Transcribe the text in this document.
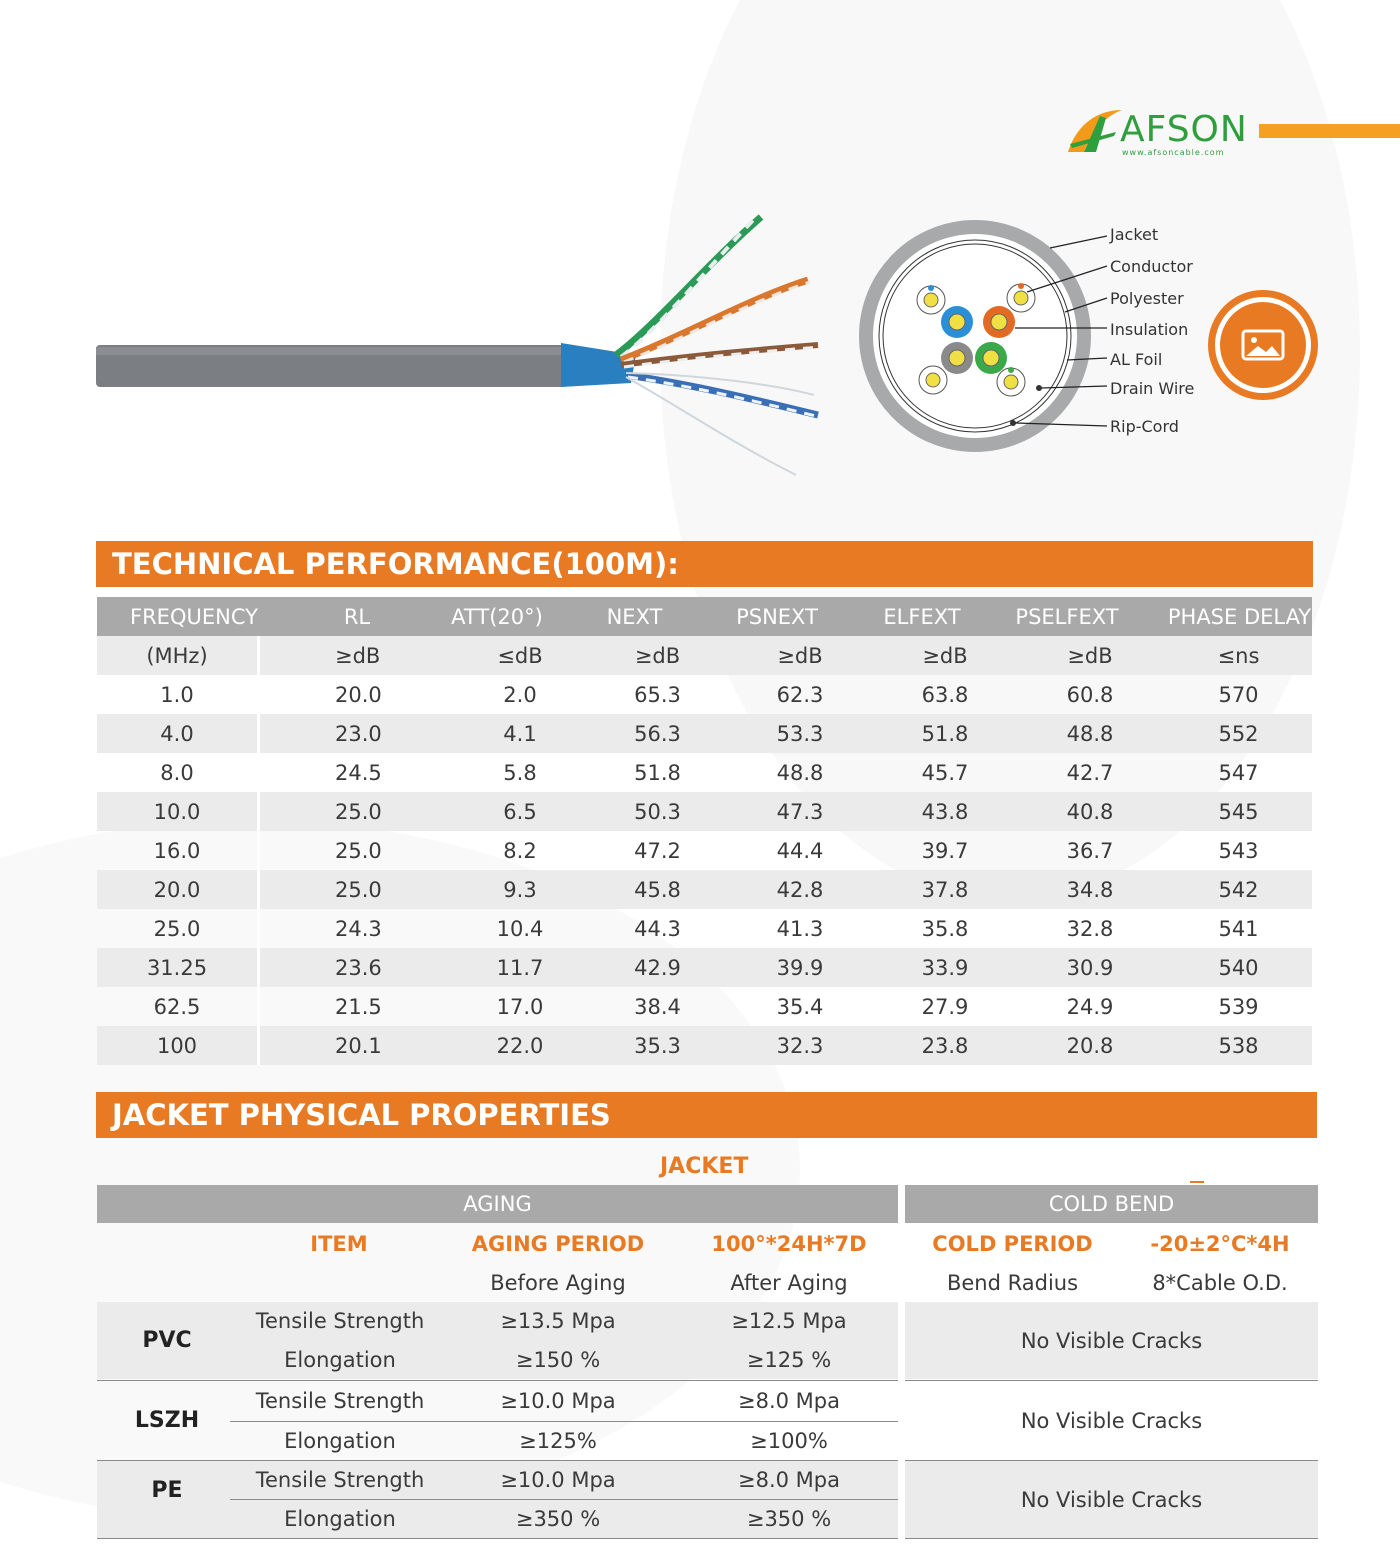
AFSON
www.afsoncable.com
Jacket
Conductor
Polyester
Insulation
AL Foil
Drain Wire
Rip-Cord
TECHNICAL PERFORMANCE(100M):
FREQUENCY	RL	ATT(20°)	NEXT	PSNEXT	ELFEXT	PSELFEXT	PHASE DELAY
(MHz)	≥dB	≤dB	≥dB	≥dB	≥dB	≥dB	≤ns
1.0	20.0	2.0	65.3	62.3	63.8	60.8	570
4.0	23.0	4.1	56.3	53.3	51.8	48.8	552
8.0	24.5	5.8	51.8	48.8	45.7	42.7	547
10.0	25.0	6.5	50.3	47.3	43.8	40.8	545
16.0	25.0	8.2	47.2	44.4	39.7	36.7	543
20.0	25.0	9.3	45.8	42.8	37.8	34.8	542
25.0	24.3	10.4	44.3	41.3	35.8	32.8	541
31.25	23.6	11.7	42.9	39.9	33.9	30.9	540
62.5	21.5	17.0	38.4	35.4	27.9	24.9	539
100	20.1	22.0	35.3	32.3	23.8	20.8	538
JACKET PHYSICAL PROPERTIES
JACKET
AGING	COLD BEND
ITEM	AGING PERIOD	100°*24H*7D	COLD PERIOD	-20±2°C*4H
Before Aging	After Aging	Bend Radius	8*Cable O.D.
PVC
Tensile Strength	≥13.5 Mpa	≥12.5 Mpa
Elongation	≥150 %	≥125 %
No Visible Cracks
LSZH
Tensile Strength	≥10.0 Mpa	≥8.0 Mpa
Elongation	≥125%	≥100%
No Visible Cracks
PE	Tensile Strength	≥10.0 Mpa	≥8.0 Mpa
Elongation	≥350 %	≥350 %
No Visible Cracks
